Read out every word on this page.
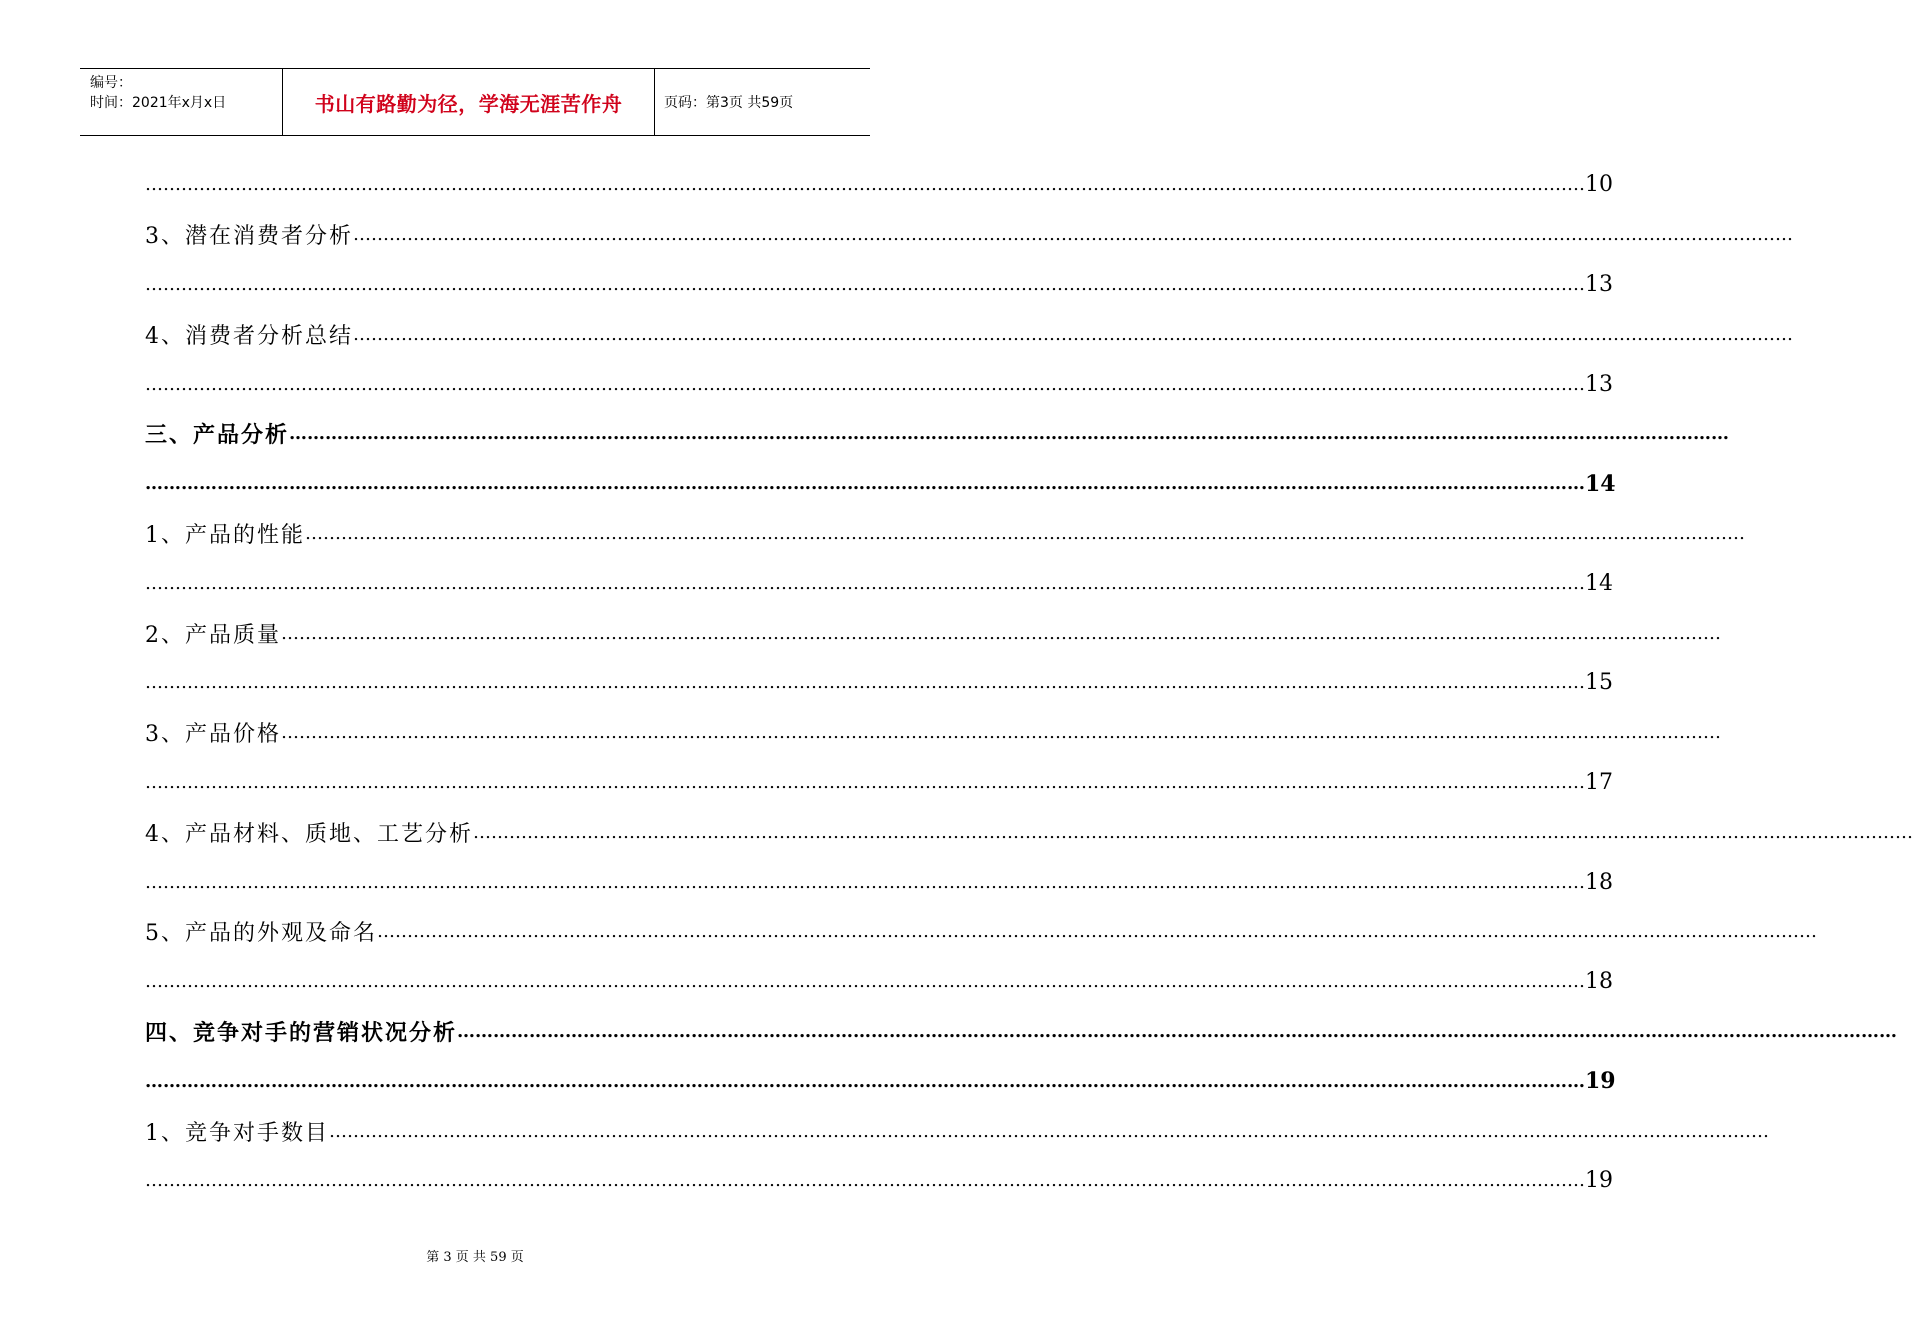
编号：
时间：2021年x月x日	书山有路勤为径，学海无涯苦作舟	页码：第3页 共59页
…………………………………………………………………………………………………………………………………………………………………………………………………………………… 10
3、潜在消费者分析 ……………………………………………………………………………………………………………………………………………………………………………………………………………………
…………………………………………………………………………………………………………………………………………………………………………………………………………………… 13
4、消费者分析总结 ……………………………………………………………………………………………………………………………………………………………………………………………………………………
…………………………………………………………………………………………………………………………………………………………………………………………………………………… 13
三、产品分析 ……………………………………………………………………………………………………………………………………………………………………………………………………………………
…………………………………………………………………………………………………………………………………………………………………………………………………………………… 14
1、产品的性能 ……………………………………………………………………………………………………………………………………………………………………………………………………………………
…………………………………………………………………………………………………………………………………………………………………………………………………………………… 14
2、产品质量 ……………………………………………………………………………………………………………………………………………………………………………………………………………………
…………………………………………………………………………………………………………………………………………………………………………………………………………………… 15
3、产品价格 ……………………………………………………………………………………………………………………………………………………………………………………………………………………
…………………………………………………………………………………………………………………………………………………………………………………………………………………… 17
4、产品材料、质地、工艺分析 ……………………………………………………………………………………………………………………………………………………………………………………………………………………
…………………………………………………………………………………………………………………………………………………………………………………………………………………… 18
5、产品的外观及命名 ……………………………………………………………………………………………………………………………………………………………………………………………………………………
…………………………………………………………………………………………………………………………………………………………………………………………………………………… 18
四、竞争对手的营销状况分析 ……………………………………………………………………………………………………………………………………………………………………………………………………………………
…………………………………………………………………………………………………………………………………………………………………………………………………………………… 19
1、竞争对手数目 ……………………………………………………………………………………………………………………………………………………………………………………………………………………
…………………………………………………………………………………………………………………………………………………………………………………………………………………… 19
第 3 页 共 59 页
